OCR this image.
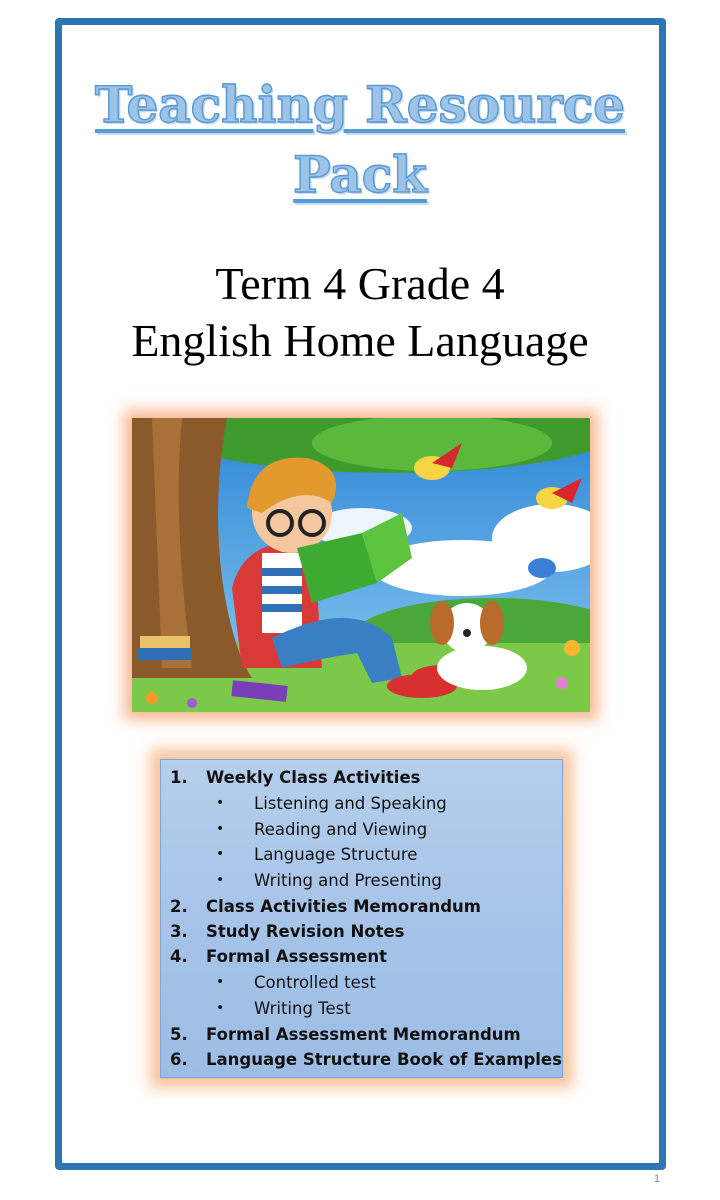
Teaching Resource
Pack
Term 4 Grade 4
English Home Language
1. Weekly Class Activities
• Listening and Speaking
• Reading and Viewing
• Language Structure
• Writing and Presenting
2. Class Activities Memorandum
3. Study Revision Notes
4. Formal Assessment
• Controlled test
• Writing Test
5. Formal Assessment Memorandum
6. Language Structure Book of Examples
1
